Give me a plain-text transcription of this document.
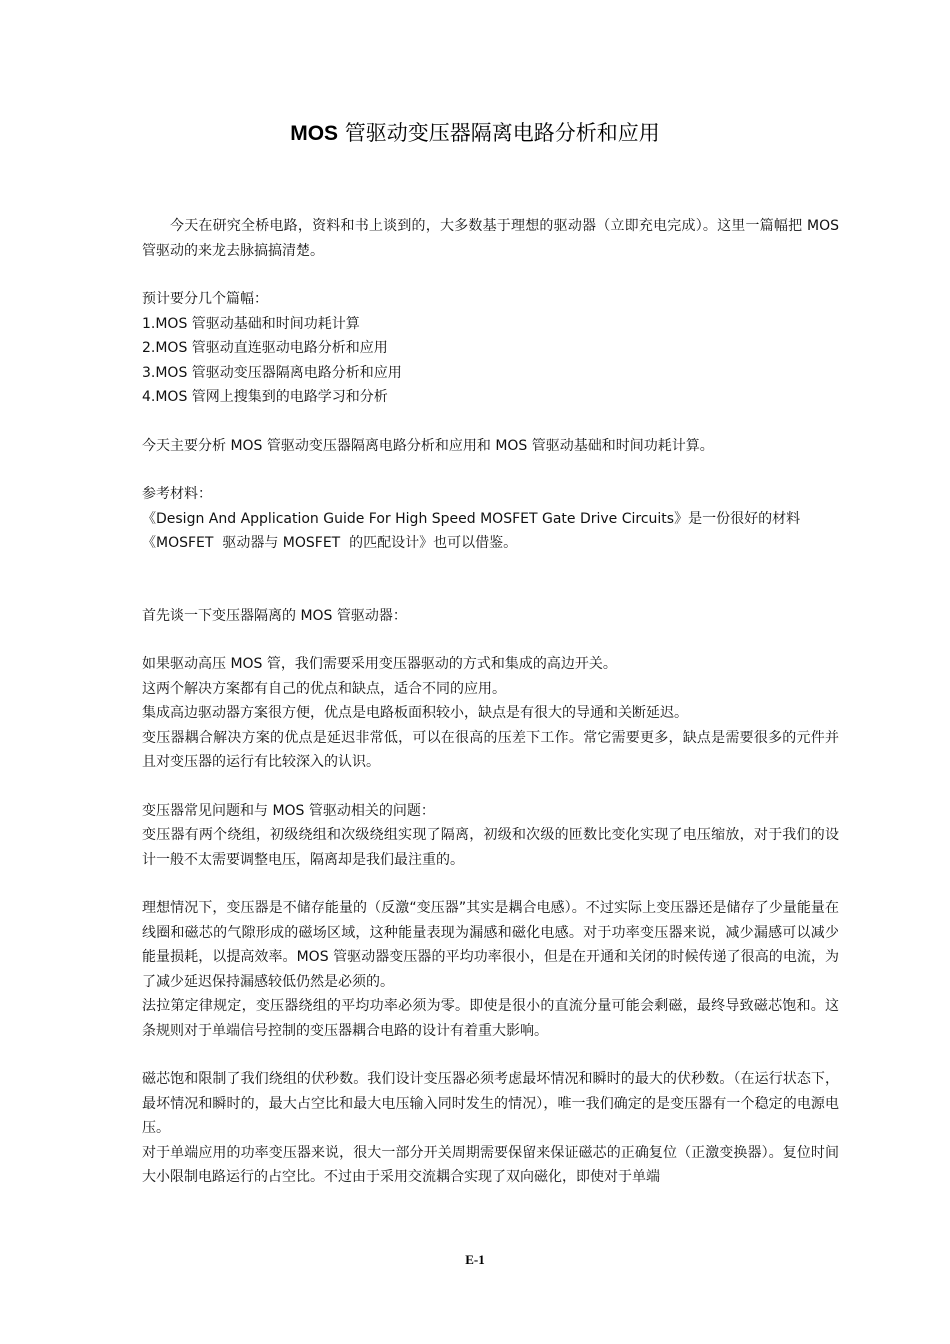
MOS 管驱动变压器隔离电路分析和应用

今天在研究全桥电路，资料和书上谈到的，大多数基于理想的驱动器（立即充电完成）。这里一篇幅把 MOS 管驱动的来龙去脉搞搞清楚。

预计要分几个篇幅：

1.MOS 管驱动基础和时间功耗计算

2.MOS 管驱动直连驱动电路分析和应用

3.MOS 管驱动变压器隔离电路分析和应用

4.MOS 管网上搜集到的电路学习和分析

今天主要分析 MOS 管驱动变压器隔离电路分析和应用和 MOS 管驱动基础和时间功耗计算。

参考材料：

《Design And Application Guide For High Speed MOSFET Gate Drive Circuits》是一份很好的材料

《MOSFET  驱动器与 MOSFET  的匹配设计》也可以借鉴。

首先谈一下变压器隔离的 MOS 管驱动器：

如果驱动高压 MOS 管，我们需要采用变压器驱动的方式和集成的高边开关。

这两个解决方案都有自己的优点和缺点，适合不同的应用。

集成高边驱动器方案很方便，优点是电路板面积较小，缺点是有很大的导通和关断延迟。

变压器耦合解决方案的优点是延迟非常低，可以在很高的压差下工作。常它需要更多，缺点是需要很多的元件并且对变压器的运行有比较深入的认识。

变压器常见问题和与 MOS 管驱动相关的问题：

变压器有两个绕组，初级绕组和次级绕组实现了隔离，初级和次级的匝数比变化实现了电压缩放，对于我们的设计一般不太需要调整电压，隔离却是我们最注重的。

理想情况下，变压器是不储存能量的（反激“变压器”其实是耦合电感）。不过实际上变压器还是储存了少量能量在线圈和磁芯的气隙形成的磁场区域，这种能量表现为漏感和磁化电感。对于功率变压器来说，减少漏感可以减少能量损耗，以提高效率。MOS 管驱动器变压器的平均功率很小，但是在开通和关闭的时候传递了很高的电流，为了减少延迟保持漏感较低仍然是必须的。

法拉第定律规定，变压器绕组的平均功率必须为零。即使是很小的直流分量可能会剩磁，最终导致磁芯饱和。这条规则对于单端信号控制的变压器耦合电路的设计有着重大影响。

磁芯饱和限制了我们绕组的伏秒数。我们设计变压器必须考虑最坏情况和瞬时的最大的伏秒数。（在运行状态下，最坏情况和瞬时的，最大占空比和最大电压输入同时发生的情况），唯一我们确定的是变压器有一个稳定的电源电压。

对于单端应用的功率变压器来说，很大一部分开关周期需要保留来保证磁芯的正确复位（正激变换器）。复位时间大小限制电路运行的占空比。不过由于采用交流耦合实现了双向磁化，即使对于单端

E-1
